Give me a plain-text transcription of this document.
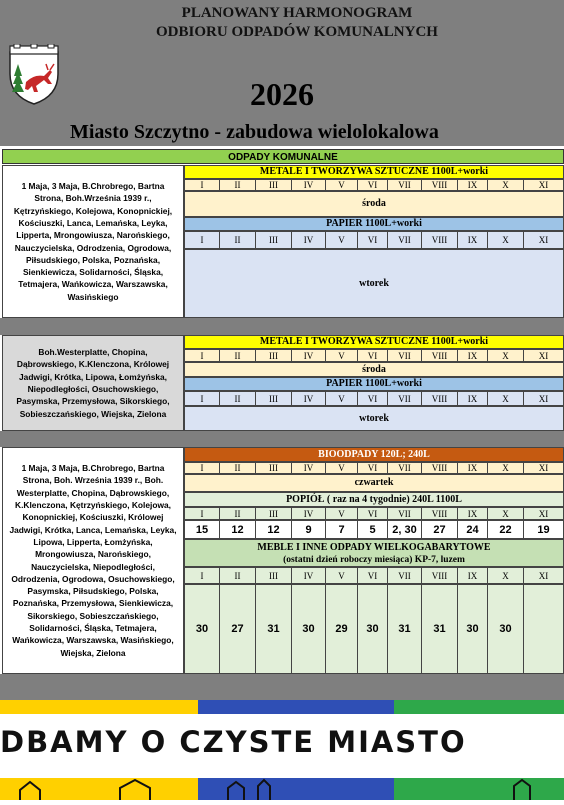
PLANOWANY HARMONOGRAM
ODBIORU ODPADÓW KOMUNALNYCH
2026
Miasto Szczytno - zabudowa wielolokalowa
ODPADY KOMUNALNE
1 Maja, 3 Maja, B.Chrobrego, Bartna Strona, Boh.Września 1939 r., Kętrzyńskiego, Kolejowa, Konopnickiej, Kościuszki, Lanca, Lemańska, Leyka, Lipperta, Mrongowiusza, Narońskiego, Nauczycielska, Odrodzenia, Ogrodowa, Piłsudskiego, Polska, Poznańska, Sienkiewicza, Solidarności, Śląska, Tetmajera, Wańkowicza, Warszawska, Wasińskiego
METALE I TWORZYWA SZTUCZNE 1100L+worki
I	II	III	IV	V	VI	VII	VIII	IX	X	XI
środa
PAPIER 1100L+worki
I	II	III	IV	V	VI	VII	VIII	IX	X	XI
wtorek
Boh.Westerplatte, Chopina, Dąbrowskiego, K.Klenczona, Królowej Jadwigi, Krótka, Lipowa, Łomżyńska, Niepodległości, Osuchowskiego, Pasymska, Przemysłowa, Sikorskiego, Sobieszczańskiego, Wiejska, Zielona
METALE I TWORZYWA SZTUCZNE 1100L+worki
I	II	III	IV	V	VI	VII	VIII	IX	X	XI
środa
PAPIER 1100L+worki
I	II	III	IV	V	VI	VII	VIII	IX	X	XI
wtorek
1 Maja, 3 Maja, B.Chrobrego, Bartna Strona, Boh. Września 1939 r., Boh. Westerplatte, Chopina, Dąbrowskiego, K.Klenczona, Kętrzyńskiego, Kolejowa, Konopnickiej, Kościuszki, Królowej Jadwigi, Krótka, Lanca, Lemańska, Leyka, Lipowa, Lipperta, Łomżyńska, Mrongowiusza, Narońskiego, Nauczycielska, Niepodległości, Odrodzenia, Ogrodowa, Osuchowskiego, Pasymska, Piłsudskiego, Polska, Poznańska, Przemysłowa, Sienkiewicza, Sikorskiego, Sobieszczańskiego, Solidarności, Śląska, Tetmajera, Wańkowicza, Warszawska, Wasińskiego, Wiejska, Zielona
BIOODPADY 120L; 240L
I	II	III	IV	V	VI	VII	VIII	IX	X	XI
czwartek
POPIÓŁ ( raz na 4 tygodnie) 240L 1100L
I	II	III	IV	V	VI	VII	VIII	IX	X	XI
15	12	12	9	7	5	2, 30	27	24	22	19
MEBLE I INNE ODPADY WIELKOGABARYTOWE
(ostatni dzień roboczy miesiąca) KP-7, luzem
I	II	III	IV	V	VI	VII	VIII	IX	X	XI
30	27	31	30	29	30	31	31	30	30
DBAMY O CZYSTE MIASTO
